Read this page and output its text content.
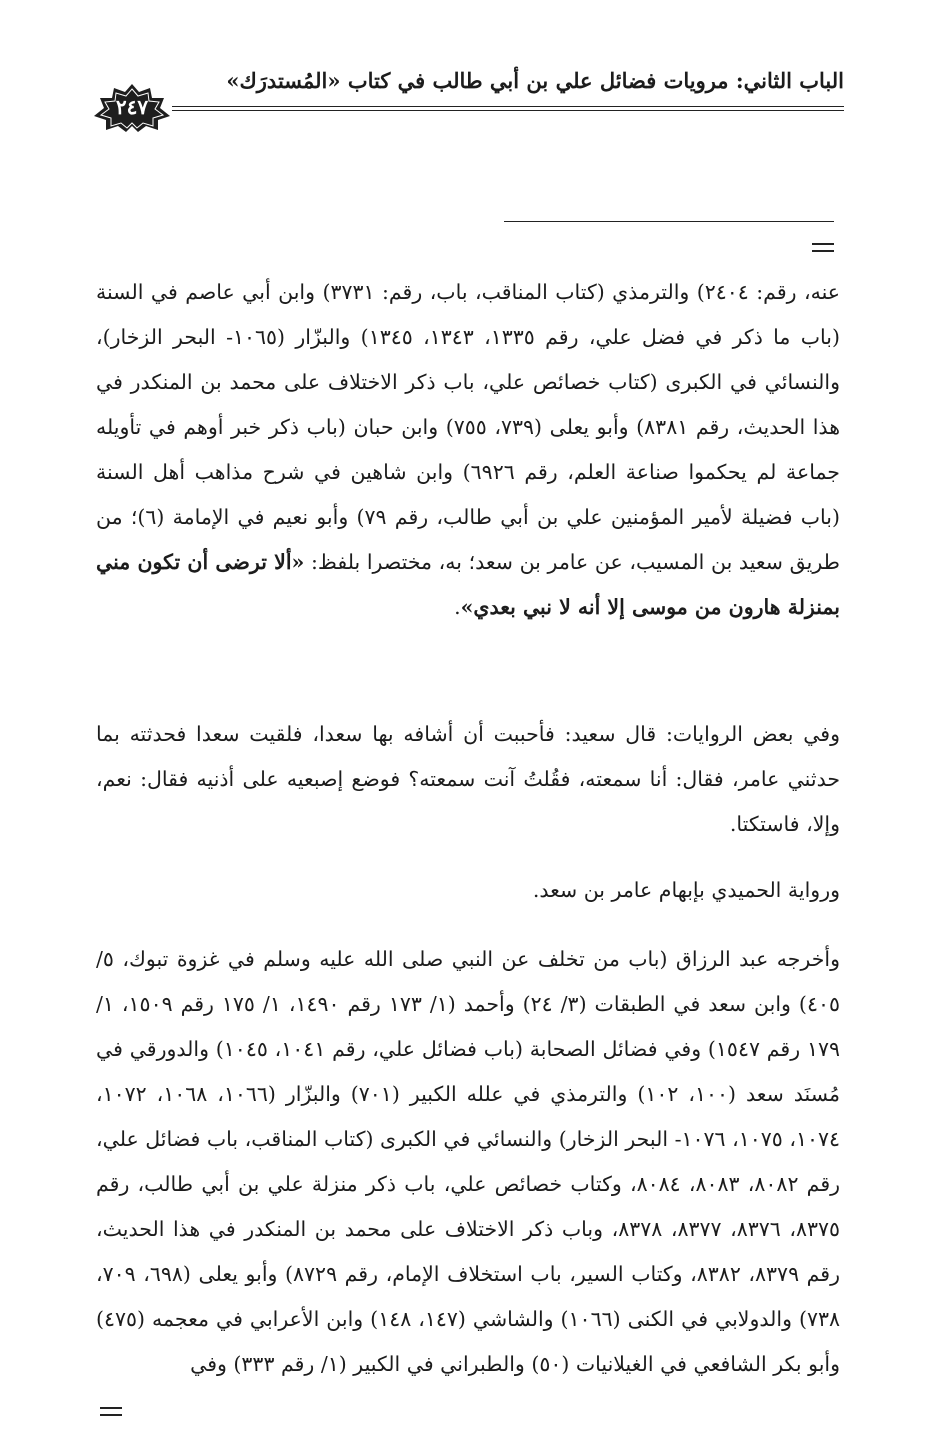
الباب الثاني: مرويات فضائل علي بن أبي طالب في كتاب «المُستدرَك»
٢٤٧
عنه، رقم: ٢٤٠٤) والترمذي (كتاب المناقب، باب، رقم: ٣٧٣١) وابن أبي عاصم في السنة (باب ما ذكر في فضل علي، رقم ١٣٣٥، ١٣٤٣، ١٣٤٥) والبزّار (١٠٦٥- البحر الزخار)، والنسائي في الكبرى (كتاب خصائص علي، باب ذكر الاختلاف على محمد بن المنكدر في هذا الحديث، رقم ٨٣٨١) وأبو يعلى (٧٣٩، ٧٥٥) وابن حبان (باب ذكر خبر أوهم في تأويله جماعة لم يحكموا صناعة العلم، رقم ٦٩٢٦) وابن شاهين في شرح مذاهب أهل السنة (باب فضيلة لأمير المؤمنين علي بن أبي طالب، رقم ٧٩) وأبو نعيم في الإمامة (٦)؛ من طريق سعيد بن المسيب، عن عامر بن سعد؛ به، مختصرا بلفظ: «ألا ترضى أن تكون مني بمنزلة هارون من موسى إلا أنه لا نبي بعدي».
وفي بعض الروايات: قال سعيد: فأحببت أن أشافه بها سعدا، فلقيت سعدا فحدثته بما حدثني عامر، فقال: أنا سمعته، فقُلتُ آنت سمعته؟ فوضع إصبعيه على أذنيه فقال: نعم، وإلا، فاستكتا.
ورواية الحميدي بإبهام عامر بن سعد.
وأخرجه عبد الرزاق (باب من تخلف عن النبي صلى الله عليه وسلم في غزوة تبوك، ٥/ ٤٠٥) وابن سعد في الطبقات (٣/ ٢٤) وأحمد (١/ ١٧٣ رقم ١٤٩٠، ١/ ١٧٥ رقم ١٥٠٩، ١/ ١٧٩ رقم ١٥٤٧) وفي فضائل الصحابة (باب فضائل علي، رقم ١٠٤١، ١٠٤٥) والدورقي في مُسنَد سعد (١٠٠، ١٠٢) والترمذي في علله الكبير (٧٠١) والبزّار (١٠٦٦، ١٠٦٨، ١٠٧٢، ١٠٧٤، ١٠٧٥، ١٠٧٦- البحر الزخار) والنسائي في الكبرى (كتاب المناقب، باب فضائل علي، رقم ٨٠٨٢، ٨٠٨٣، ٨٠٨٤، وكتاب خصائص علي، باب ذكر منزلة علي بن أبي طالب، رقم ٨٣٧٥، ٨٣٧٦، ٨٣٧٧، ٨٣٧٨، وباب ذكر الاختلاف على محمد بن المنكدر في هذا الحديث، رقم ٨٣٧٩، ٨٣٨٢، وكتاب السير، باب استخلاف الإمام، رقم ٨٧٢٩) وأبو يعلى (٦٩٨، ٧٠٩، ٧٣٨) والدولابي في الكنى (١٠٦٦) والشاشي (١٤٧، ١٤٨) وابن الأعرابي في معجمه (٤٧٥) وأبو بكر الشافعي في الغيلانيات (٥٠) والطبراني في الكبير (١/ رقم ٣٣٣) وفي
